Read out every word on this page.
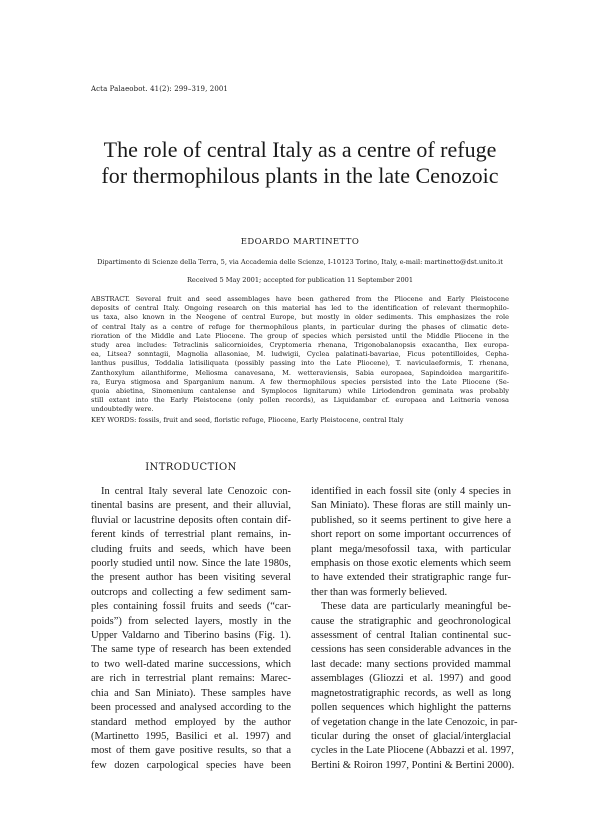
Acta Palaeobot. 41(2): 299–319, 2001
The role of central Italy as a centre of refuge
for thermophilous plants in the late Cenozoic
EDOARDO MARTINETTO
Dipartimento di Scienze della Terra, 5, via Accademia delle Scienze, I-10123 Torino, Italy, e-mail: martinetto@dst.unito.it
Received 5 May 2001; accepted for publication 11 September 2001
ABSTRACT. Several fruit and seed assemblages have been gathered from the Pliocene and Early Pleistocene
deposits of central Italy. Ongoing research on this material has led to the identification of relevant thermophilo-
us taxa, also known in the Neogene of central Europe, but mostly in older sediments. This emphasizes the role
of central Italy as a centre of refuge for thermophilous plants, in particular during the phases of climatic dete-
rioration of the Middle and Late Pliocene. The group of species which persisted until the Middle Pliocene in the
study area includes: Tetraclinis salicornioides, Cryptomeria rhenana, Trigonobalanopsis exacantha, Ilex europa-
ea, Litsea? sonntagii, Magnolia allasoniae, M. ludwigii, Cyclea palatinati-bavariae, Ficus potentilloides, Cepha-
lanthus pusillus, Toddalia latisiliquata (possibly passing into the Late Pliocene), T. naviculaeformis, T. rhenana,
Zanthoxylum ailanthiforme, Meliosma canavesana, M. wetteraviensis, Sabia europaea, Sapindoidea margaritife-
ra, Eurya stigmosa and Sparganium nanum. A few thermophilous species persisted into the Late Pliocene (Se-
quoia abietina, Sinomenium cantalense and Symplocos lignitarum) while Liriodendron geminata was probably
still extant into the Early Pleistocene (only pollen records), as Liquidambar cf. europaea and Leitneria venosa
undoubtedly were.
KEY WORDS: fossils, fruit and seed, floristic refuge, Pliocene, Early Pleistocene, central Italy
INTRODUCTION
In central Italy several late Cenozoic con-
tinental basins are present, and their alluvial,
fluvial or lacustrine deposits often contain dif-
ferent kinds of terrestrial plant remains, in-
cluding fruits and seeds, which have been
poorly studied until now. Since the late 1980s,
the present author has been visiting several
outcrops and collecting a few sediment sam-
ples containing fossil fruits and seeds (“car-
poids”) from selected layers, mostly in the
Upper Valdarno and Tiberino basins (Fig. 1).
The same type of research has been extended
to two well-dated marine successions, which
are rich in terrestrial plant remains: Marec-
chia and San Miniato). These samples have
been processed and analysed according to the
standard method employed by the author
(Martinetto 1995, Basilici et al. 1997) and
most of them gave positive results, so that a
few dozen carpological species have been
identified in each fossil site (only 4 species in
San Miniato). These floras are still mainly un-
published, so it seems pertinent to give here a
short report on some important occurrences of
plant mega/mesofossil taxa, with particular
emphasis on those exotic elements which seem
to have extended their stratigraphic range fur-
ther than was formerly believed.
These data are particularly meaningful be-
cause the stratigraphic and geochronological
assessment of central Italian continental suc-
cessions has seen considerable advances in the
last decade: many sections provided mammal
assemblages (Gliozzi et al. 1997) and good
magnetostratigraphic records, as well as long
pollen sequences which highlight the patterns
of vegetation change in the late Cenozoic, in par-
ticular during the onset of glacial/interglacial
cycles in the Late Pliocene (Abbazzi et al. 1997,
Bertini & Roiron 1997, Pontini & Bertini 2000).
